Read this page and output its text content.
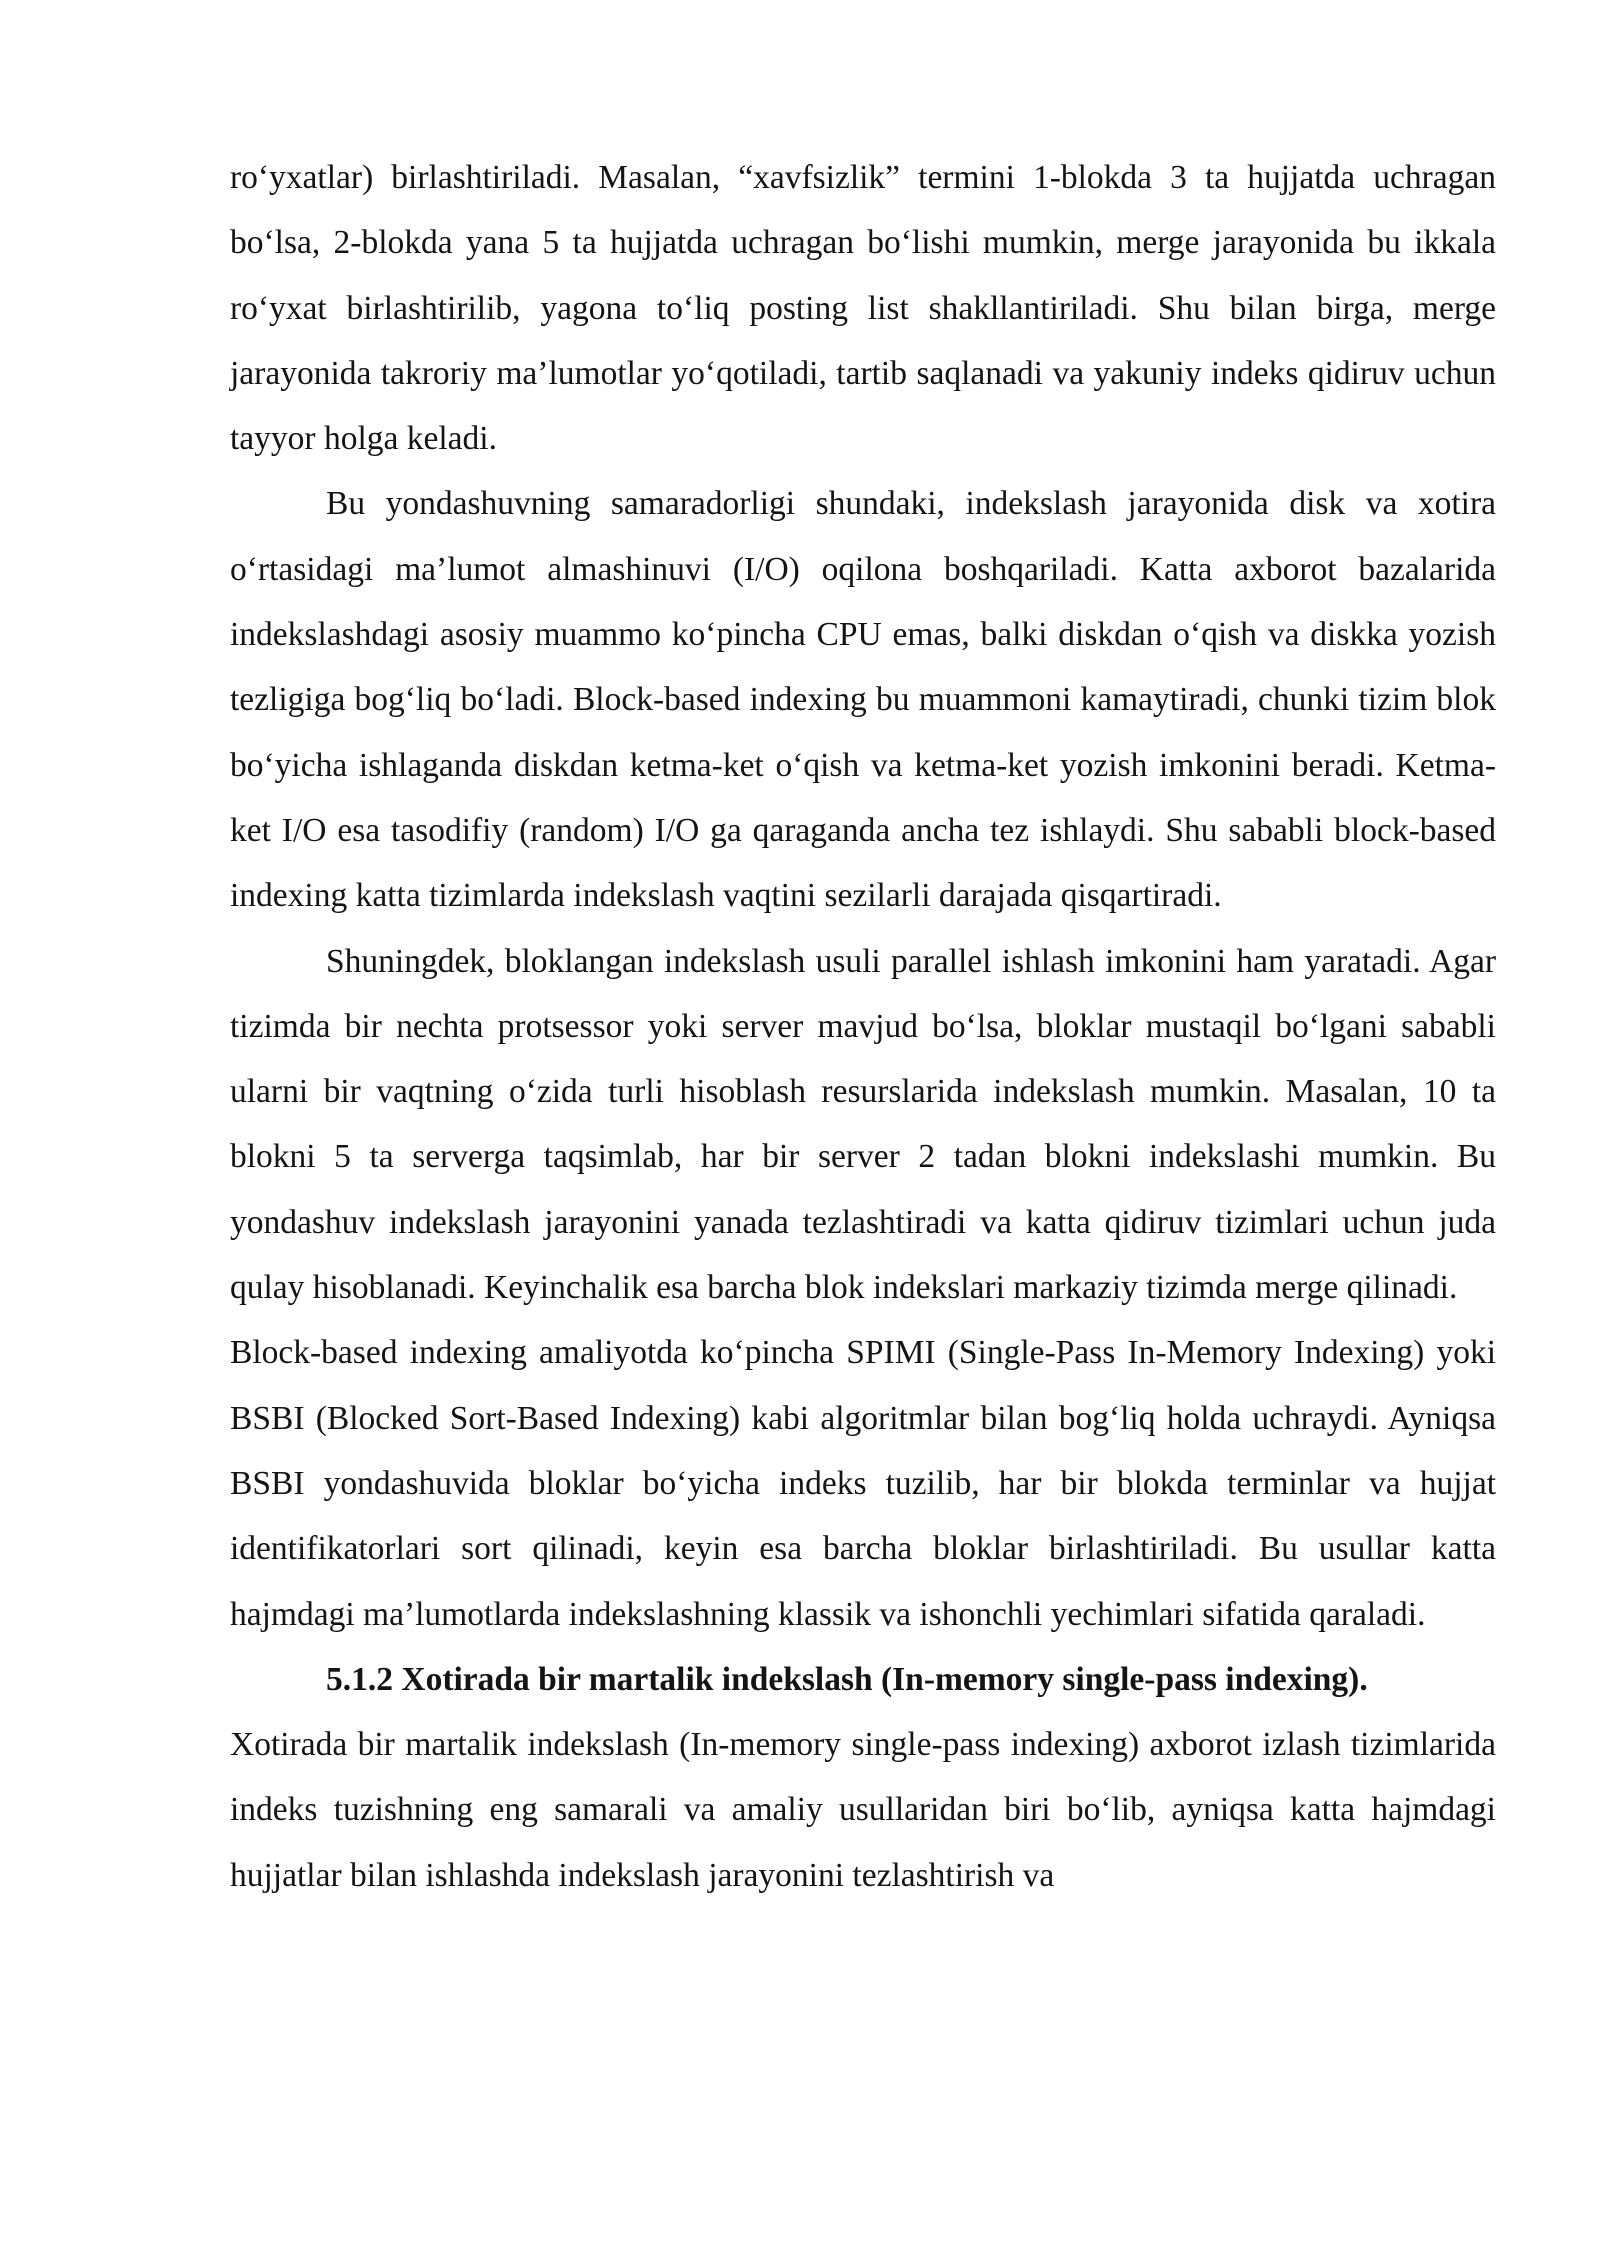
ro‘yxatlar) birlashtiriladi. Masalan, “xavfsizlik” termini 1-blokda 3 ta hujjatda uchragan bo‘lsa, 2-blokda yana 5 ta hujjatda uchragan bo‘lishi mumkin, merge jarayonida bu ikkala ro‘yxat birlashtirilib, yagona to‘liq posting list shakllantiriladi. Shu bilan birga, merge jarayonida takroriy ma’lumotlar yo‘qotiladi, tartib saqlanadi va yakuniy indeks qidiruv uchun tayyor holga keladi.

Bu yondashuvning samaradorligi shundaki, indekslash jarayonida disk va xotira o‘rtasidagi ma’lumot almashinuvi (I/O) oqilona boshqariladi. Katta axborot bazalarida indekslashdagi asosiy muammo ko‘pincha CPU emas, balki diskdan o‘qish va diskka yozish tezligiga bog‘liq bo‘ladi. Block-based indexing bu muammoni kamaytiradi, chunki tizim blok bo‘yicha ishlaganda diskdan ketma-ket o‘qish va ketma-ket yozish imkonini beradi. Ketma-ket I/O esa tasodifiy (random) I/O ga qaraganda ancha tez ishlaydi. Shu sababli block-based indexing katta tizimlarda indekslash vaqtini sezilarli darajada qisqartiradi.

Shuningdek, bloklangan indekslash usuli parallel ishlash imkonini ham yaratadi. Agar tizimda bir nechta protsessor yoki server mavjud bo‘lsa, bloklar mustaqil bo‘lgani sababli ularni bir vaqtning o‘zida turli hisoblash resurslarida indekslash mumkin. Masalan, 10 ta blokni 5 ta serverga taqsimlab, har bir server 2 tadan blokni indekslashi mumkin. Bu yondashuv indekslash jarayonini yanada tezlashtiradi va katta qidiruv tizimlari uchun juda qulay hisoblanadi. Keyinchalik esa barcha blok indekslari markaziy tizimda merge qilinadi.

Block-based indexing amaliyotda ko‘pincha SPIMI (Single-Pass In-Memory Indexing) yoki BSBI (Blocked Sort-Based Indexing) kabi algoritmlar bilan bog‘liq holda uchraydi. Ayniqsa BSBI yondashuvida bloklar bo‘yicha indeks tuzilib, har bir blokda terminlar va hujjat identifikatorlari sort qilinadi, keyin esa barcha bloklar birlashtiriladi. Bu usullar katta hajmdagi ma’lumotlarda indekslashning klassik va ishonchli yechimlari sifatida qaraladi.

5.1.2 Xotirada bir martalik indekslash (In-memory single-pass indexing).

Xotirada bir martalik indekslash (In-memory single-pass indexing) axborot izlash tizimlarida indeks tuzishning eng samarali va amaliy usullaridan biri bo‘lib, ayniqsa katta hajmdagi hujjatlar bilan ishlashda indekslash jarayonini tezlashtirish va
